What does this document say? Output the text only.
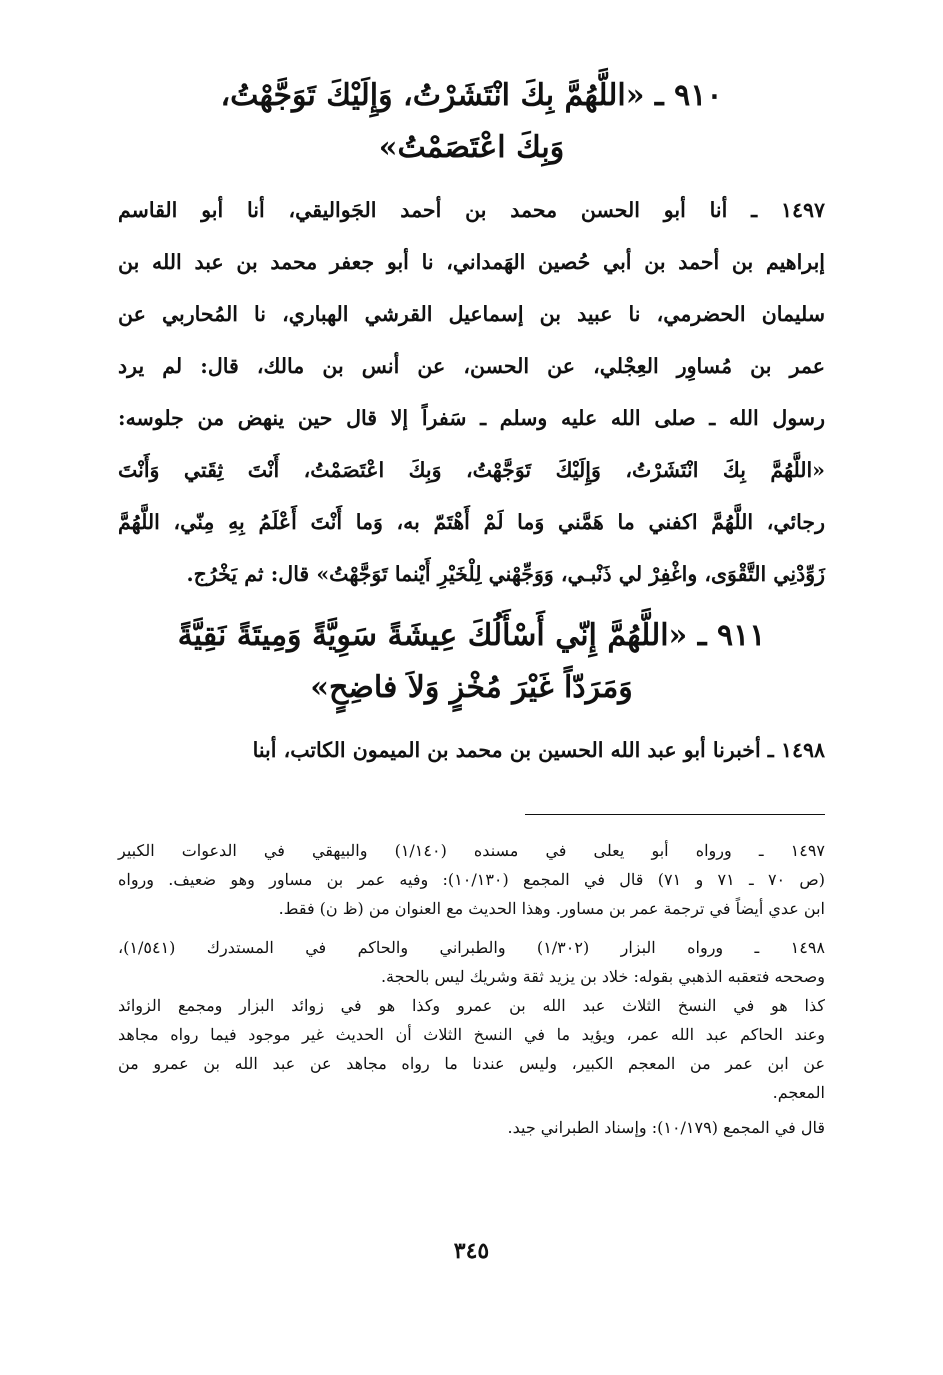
٩١٠ ـ «اللَّهُمَّ بِكَ انْتَشَرْتُ، وَإِلَيْكَ تَوَجَّهْتُ،
وَبِكَ اعْتَصَمْتُ»
١٤٩٧ ـ أنا أبو الحسن محمد بن أحمد الجَواليقي، أنا أبو القاسم
إبراهيم بن أحمد بن أبي حُصين الهَمداني، نا أبو جعفر محمد بن عبد الله بن
سليمان الحضرمي، نا عبيد بن إسماعيل القرشي الهباري، نا المُحاربي عن
عمر بن مُساوِر العِجْلي، عن الحسن، عن أنس بن مالك، قال: لم يرد
رسول الله ـ صلى الله عليه وسلم ـ سَفراً إلا قال حين ينهض من جلوسه:
«اللَّهُمَّ بِكَ انْتَشَرْتُ، وَإِلَيْكَ تَوَجَّهْتُ، وَبِكَ اعْتَصَمْتُ، أَنْتَ ثِقَتي وَأَنْتَ
رجائي، اللَّهُمَّ اكفني ما هَمَّني وَما لَمْ أَهْتَمّ به، وَما أَنْتَ أَعْلَمُ بِهِ مِنّي، اللَّهُمَّ
زَوِّدْنِي التَّقْوَى، واغْفِرْ لي ذَنْبـي، وَوَجِّهْني لِلْخَيْرِ أَيْنما تَوَجَّهْتُ» قال: ثم يَخْرُج.
٩١١ ـ «اللَّهُمَّ إِنّي أَسْأَلُكَ عِيشَةً سَوِيَّةً وَمِيتَةً نَقِيَّةً
وَمَرَدّاً غَيْرَ مُخْزٍ وَلاَ فاضِحٍ»
١٤٩٨ ـ أخبرنا أبو عبد الله الحسين بن محمد بن الميمون الكاتب، أبنا
١٤٩٧ ـ ورواه أبو يعلى في مسنده (١/١٤٠) والبيهقي في الدعوات الكبير
(ص ٧٠ ـ ٧١ و ٧١) قال في المجمع (١٠/١٣٠): وفيه عمر بن مساور وهو ضعيف. ورواه
ابن عدي أيضاً في ترجمة عمر بن مساور. وهذا الحديث مع العنوان من (ظ ن) فقط.
١٤٩٨ ـ ورواه البزار (١/٣٠٢) والطبراني والحاكم في المستدرك (١/٥٤١)،
وصححه فتعقبه الذهبي بقوله: خلاد بن يزيد ثقة وشريك ليس بالحجة.
كذا هو في النسخ الثلاث عبد الله بن عمرو وكذا هو في زوائد البزار ومجمع الزوائد
وعند الحاكم عبد الله عمر، ويؤيد ما في النسخ الثلاث أن الحديث غير موجود فيما رواه مجاهد
عن ابن عمر من المعجم الكبير، وليس عندنا ما رواه مجاهد عن عبد الله بن عمرو من
المعجم.
قال في المجمع (١٠/١٧٩): وإسناد الطبراني جيد.
٣٤٥
